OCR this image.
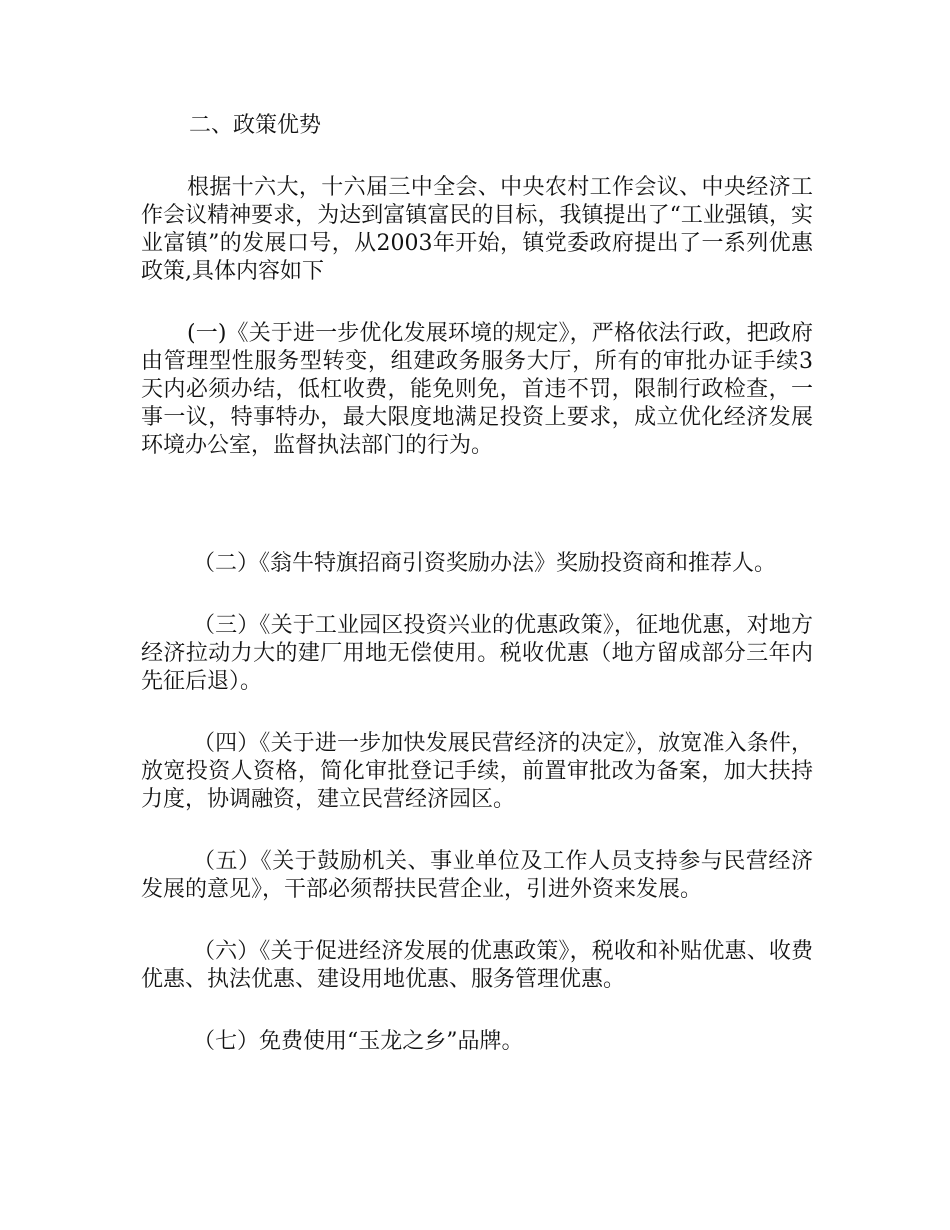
二、政策优势

根据十六大，十六届三中全会、中央农村工作会议、中央经济工作会议精神要求，为达到富镇富民的目标，我镇提出了“工业强镇，实业富镇”的发展口号，从2003年开始，镇党委政府提出了一系列优惠政策,具体内容如下

(一)《关于进一步优化发展环境的规定》，严格依法行政，把政府由管理型性服务型转变，组建政务服务大厅，所有的审批办证手续3天内必须办结，低杠收费，能免则免，首违不罚，限制行政检查，一事一议，特事特办，最大限度地满足投资上要求，成立优化经济发展环境办公室，监督执法部门的行为。

（二）《翁牛特旗招商引资奖励办法》奖励投资商和推荐人。

（三）《关于工业园区投资兴业的优惠政策》，征地优惠，对地方经济拉动力大的建厂用地无偿使用。税收优惠（地方留成部分三年内先征后退）。

（四）《关于进一步加快发展民营经济的决定》，放宽准入条件，放宽投资人资格，简化审批登记手续，前置审批改为备案，加大扶持力度，协调融资，建立民营经济园区。

（五）《关于鼓励机关、事业单位及工作人员支持参与民营经济发展的意见》，干部必须帮扶民营企业，引进外资来发展。

（六）《关于促进经济发展的优惠政策》，税收和补贴优惠、收费优惠、执法优惠、建设用地优惠、服务管理优惠。

（七）免费使用“玉龙之乡”品牌。
